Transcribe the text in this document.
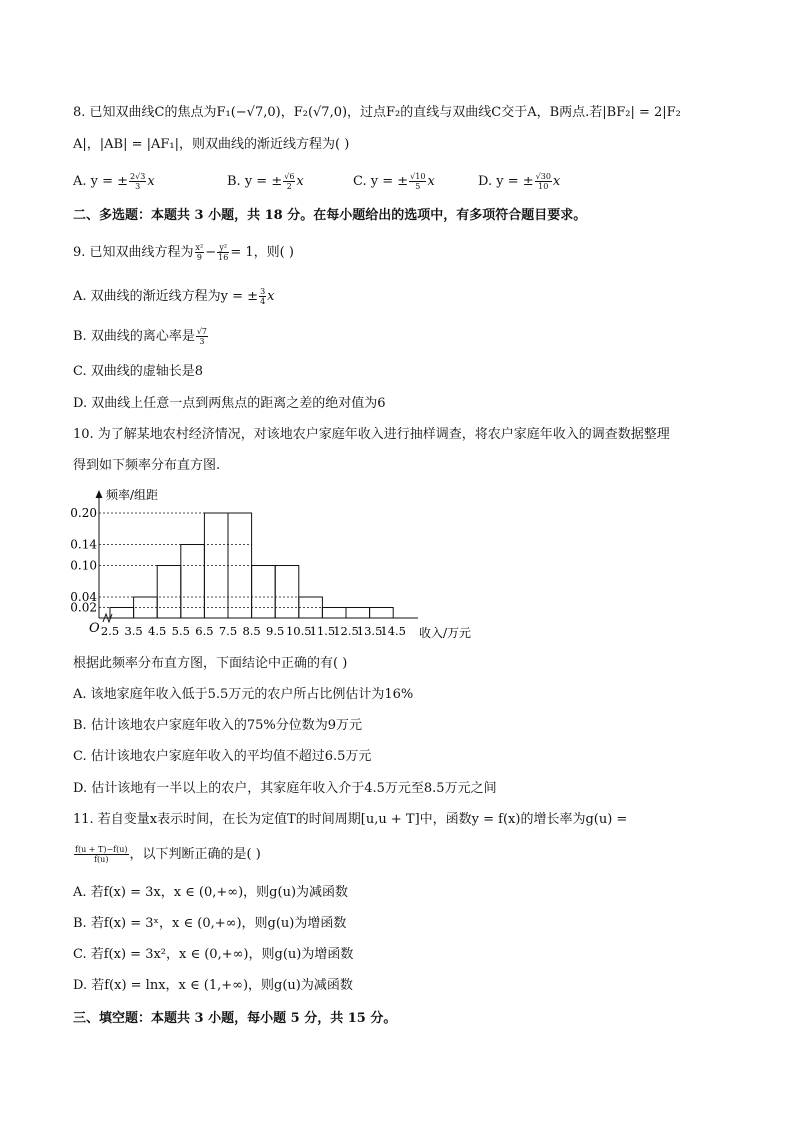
8. 已知双曲线C的焦点为F₁(−√7,0)，F₂(√7,0)，过点F₂的直线与双曲线C交于A，B两点.若|BF₂| = 2|F₂
A|，|AB| = |AF₁|，则双曲线的渐近线方程为( )
A. y = ± $\frac{2√3}{3}$ x	B. y = ± $\frac{√6}{2}$ x	C. y = ± $\frac{√10}{5}$ x	D. y = ± $\frac{√30}{10}$ x
二、多选题：本题共 3 小题，共 18 分。在每小题给出的选项中，有多项符合题目要求。
9. 已知双曲线方程为 $\frac{\text{x²}}{9} - \frac{\text{y²}}{16} = 1$，则( )
A. 双曲线的渐近线方程为y = ± $\frac{3}{4}$ x
B. 双曲线的离心率是 $\frac{√7}{3}$
C. 双曲线的虚轴长是8
D. 双曲线上任意一点到两焦点的距离之差的绝对值为6
10. 为了解某地农村经济情况，对该地农户家庭年收入进行抽样调查，将农户家庭年收入的调查数据整理
得到如下频率分布直方图.
0.20
0.14
0.10
0.04
0.02
2.5 3.5 4.5 5.5 6.5 7.5 8.5 9.5 10.5
11.5
12.5
13.5
14.5
频率/组距
O	收入/万元
根据此频率分布直方图，下面结论中正确的有( )
A. 该地家庭年收入低于5.5万元的农户所占比例估计为16%
B. 估计该地农户家庭年收入的75%分位数为9万元
C. 估计该地农户家庭年收入的平均值不超过6.5万元
D. 估计该地有一半以上的农户，其家庭年收入介于4.5万元至8.5万元之间
11. 若自变量x表示时间，在长为定值T的时间周期[u,u + T]中，函数y = f(x)的增长率为g(u) =
$\frac{f(u + T)-f(u)}{f(u)}$ ，以下判断正确的是( )
A. 若f(x) = 3x，x ∈ (0,+∞)，则g(u)为减函数
B. 若f(x) = 3ˣ，x ∈ (0,+∞)，则g(u)为增函数
C. 若f(x) = 3x²，x ∈ (0,+∞)，则g(u)为增函数
D. 若f(x) = lnx，x ∈ (1,+∞)，则g(u)为减函数
三、填空题：本题共 3 小题，每小题 5 分，共 15 分。
